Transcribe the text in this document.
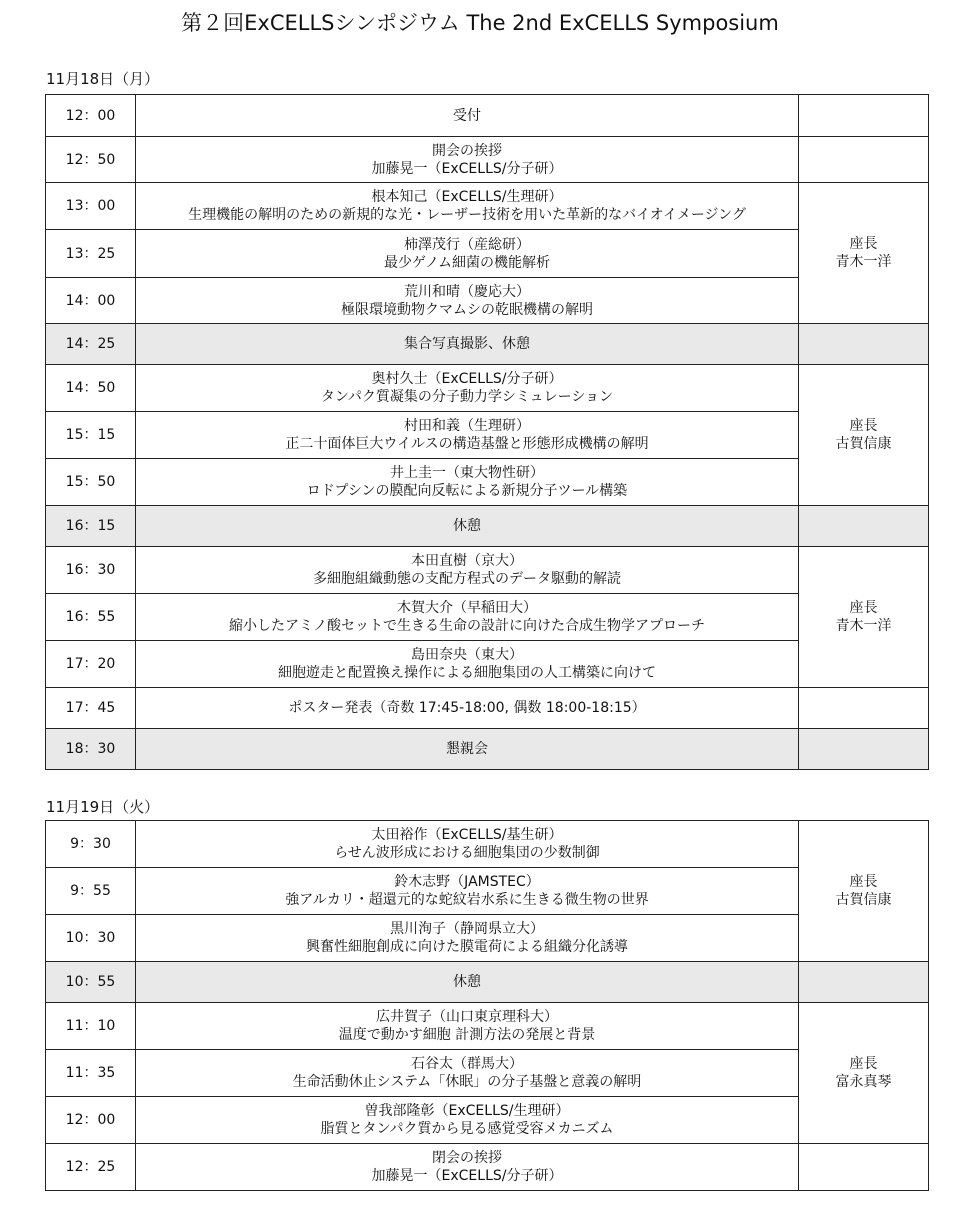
第２回ExCELLSシンポジウム The 2nd ExCELLS Symposium
11月18日（月）
12：00	受付	

12：50	開会の挨拶
加藤晃一（ExCELLS/分子研）	

13：00	根本知己（ExCELLS/生理研）
生理機能の解明のための新規的な光・レーザー技術を用いた革新的なバイオイメージング	座長
青木一洋

13：25	柿澤茂行（産総研）
最少ゲノム細菌の機能解析	

14：00	荒川和晴（慶応大）
極限環境動物クマムシの乾眠機構の解明	

14：25	集合写真撮影、休憩	

14：50	奥村久士（ExCELLS/分子研）
タンパク質凝集の分子動力学シミュレーション	座長
古賀信康

15：15	村田和義（生理研）
正二十面体巨大ウイルスの構造基盤と形態形成機構の解明	

15：50	井上圭一（東大物性研）
ロドプシンの膜配向反転による新規分子ツール構築	

16：15	休憩	

16：30	本田直樹（京大）
多細胞組織動態の支配方程式のデータ駆動的解読	座長
青木一洋

16：55	木賀大介（早稲田大）
縮小したアミノ酸セットで生きる生命の設計に向けた合成生物学アプローチ	

17：20	島田奈央（東大）
細胞遊走と配置換え操作による細胞集団の人工構築に向けて	

17：45	ポスター発表（奇数 17:45-18:00, 偶数 18:00-18:15）	

18：30	懇親会	

11月19日（火）
9：30	太田裕作（ExCELLS/基生研）
らせん波形成における細胞集団の少数制御	座長
古賀信康

9：55	鈴木志野（JAMSTEC）
強アルカリ・超還元的な蛇紋岩水系に生きる微生物の世界	

10：30	黒川洵子（静岡県立大）
興奮性細胞創成に向けた膜電荷による組織分化誘導	

10：55	休憩	

11：10	広井賀子（山口東京理科大）
温度で動かす細胞 計測方法の発展と背景	座長
富永真琴

11：35	石谷太（群馬大）
生命活動休止システム「休眠」の分子基盤と意義の解明	

12：00	曽我部隆彰（ExCELLS/生理研）
脂質とタンパク質から見る感覚受容メカニズム	

12：25	閉会の挨拶
加藤晃一（ExCELLS/分子研）	
